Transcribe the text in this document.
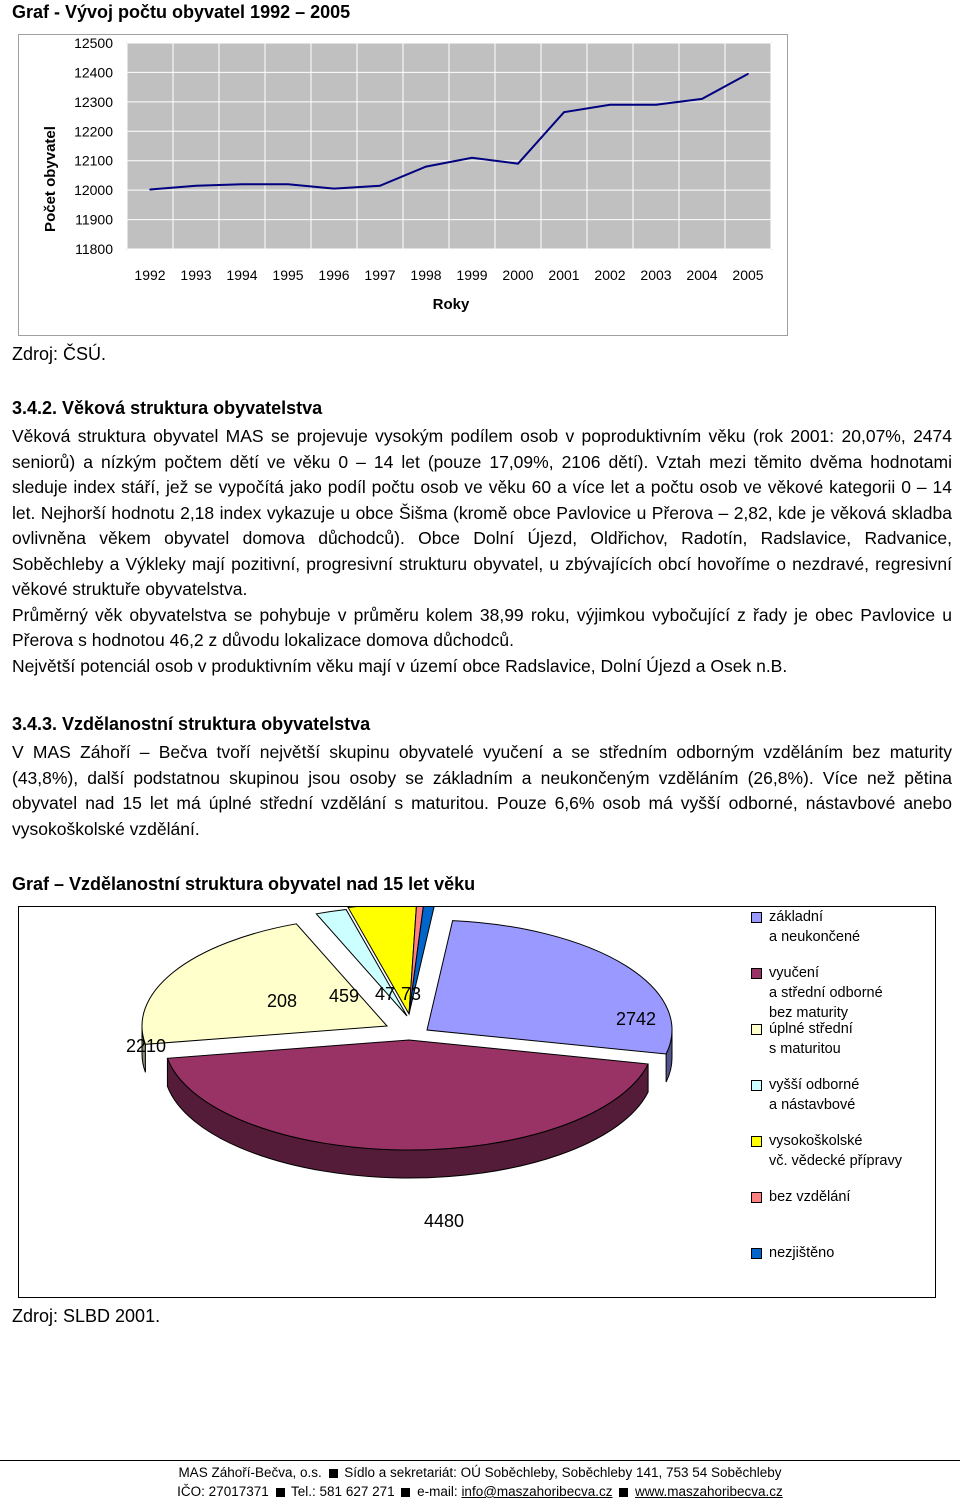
Graf - Vývoj počtu obyvatel 1992 – 2005
11800
11900
12000
12100
12200
12300
12400
12500
1992 1993 1994 1995 1996 1997 1998 1999 2000 2001 2002 2003 2004 2005
Počet obyvatel
Roky
Zdroj: ČSÚ.
3.4.2. Věková struktura obyvatelstva

Věková struktura obyvatel MAS se projevuje vysokým podílem osob v poproduktivním věku (rok 2001: 20,07%, 2474 seniorů) a nízkým počtem dětí ve věku 0 – 14 let (pouze 17,09%, 2106 dětí). Vztah mezi těmito dvěma hodnotami sleduje index stáří, jež se vypočítá jako podíl počtu osob ve věku 60 a více let a počtu osob ve věkové kategorii 0 – 14 let. Nejhorší hodnotu 2,18 index vykazuje u obce Šišma (kromě obce Pavlovice u Přerova – 2,82, kde je věková skladba ovlivněna věkem obyvatel domova důchodců). Obce Dolní Újezd, Oldřichov, Radotín, Radslavice, Radvanice, Soběchleby a Výkleky mají pozitivní, progresivní strukturu obyvatel, u zbývajících obcí hovoříme o nezdravé, regresivní věkové struktuře obyvatelstva.

Průměrný věk obyvatelstva se pohybuje v průměru kolem 38,99 roku, výjimkou vybočující z řady je obec Pavlovice u Přerova s hodnotou 46,2 z důvodu lokalizace domova důchodců.

Největší potenciál osob v produktivním věku mají v území obce Radslavice, Dolní Újezd a Osek n.B.

3.4.3. Vzdělanostní struktura obyvatelstva
V MAS Záhoří – Bečva tvoří největší skupinu obyvatelé vyučení a se středním odborným vzděláním bez maturity (43,8%), další podstatnou skupinou jsou osoby se základním a neukončeným vzděláním (26,8%). Více než pětina obyvatel nad 15 let má úplné střední vzdělání s maturitou. Pouze 6,6% osob má vyšší odborné, nástavbové anebo vysokoškolské vzdělání.
Graf – Vzdělanostní struktura obyvatel nad 15 let věku
2742
4480
2210
208 459 47 73
základní
a neukončené
vyučení
a střední odborné
bez maturity
úplné střední
s maturitou
vyšší odborné
a nástavbové
vysokoškolské
vč. vědecké přípravy
bez vzdělání
nezjištěno
Zdroj: SLBD 2001.
MAS Záhoří-Bečva, o.s. Sídlo a sekretariát: OÚ Soběchleby, Soběchleby 141, 753 54 Soběchleby
IČO: 27017371 Tel.: 581 627 271 e-mail: info@maszahoribecva.cz www.maszahoribecva.cz
